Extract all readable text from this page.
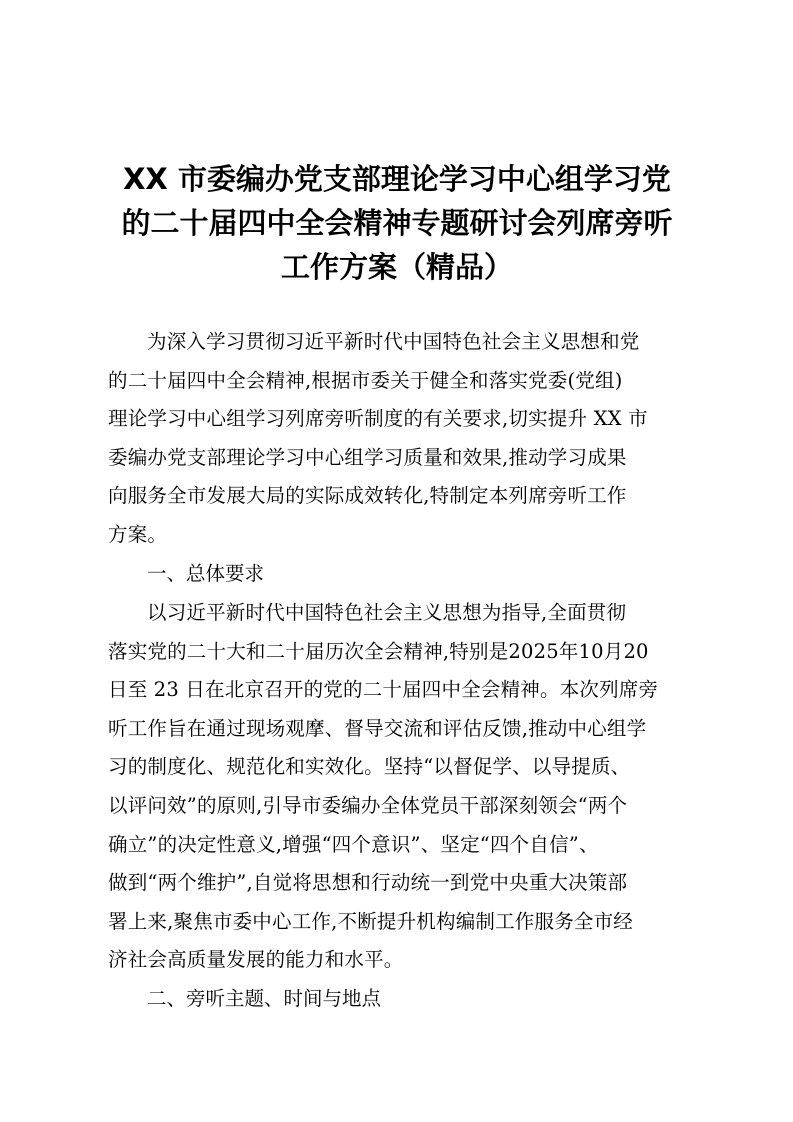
XX 市委编办党支部理论学习中心组学习党
的二十届四中全会精神专题研讨会列席旁听
工作方案（精品）
为深入学习贯彻习近平新时代中国特色社会主义思想和党
的二十届四中全会精神,根据市委关于健全和落实党委(党组)
理论学习中心组学习列席旁听制度的有关要求,切实提升 XX 市
委编办党支部理论学习中心组学习质量和效果,推动学习成果
向服务全市发展大局的实际成效转化,特制定本列席旁听工作
方案。
一、总体要求
以习近平新时代中国特色社会主义思想为指导,全面贯彻
落实党的二十大和二十届历次全会精神,特别是2025年10月20
日至 23 日在北京召开的党的二十届四中全会精神。本次列席旁
听工作旨在通过现场观摩、督导交流和评估反馈,推动中心组学
习的制度化、规范化和实效化。坚持“以督促学、以导提质、
以评问效”的原则,引导市委编办全体党员干部深刻领会“两个
确立”的决定性意义,增强“四个意识”、坚定“四个自信”、
做到“两个维护”,自觉将思想和行动统一到党中央重大决策部
署上来,聚焦市委中心工作,不断提升机构编制工作服务全市经
济社会高质量发展的能力和水平。
二、旁听主题、时间与地点
